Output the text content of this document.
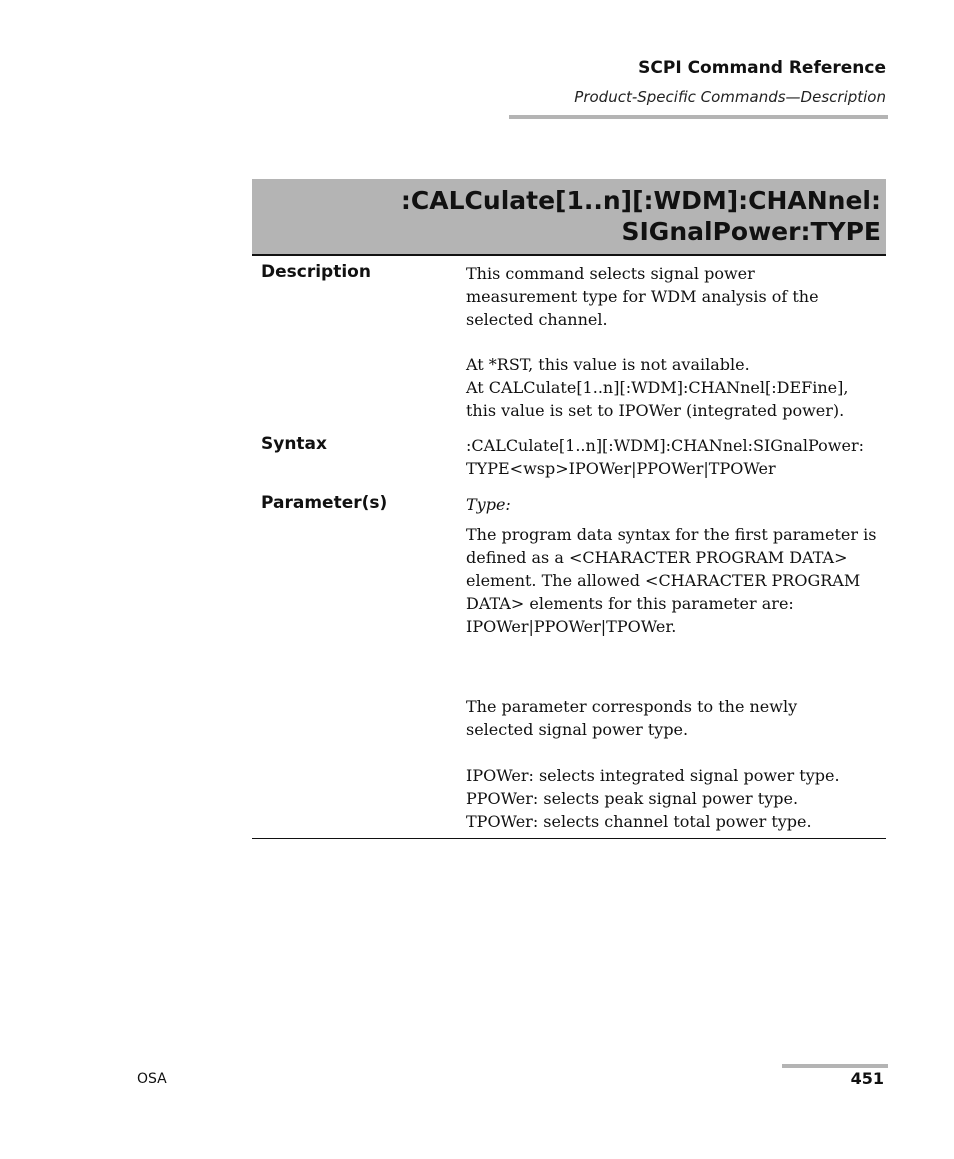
SCPI Command Reference
Product-Specific Commands—Description
:CALCulate[1..n][:WDM]:CHANnel:
SIGnalPower:TYPE
Description	This command selects signal power
measurement type for WDM analysis of the
selected channel.
At *RST, this value is not available.
At CALCulate[1..n][:WDM]:CHANnel[:DEFine],
this value is set to IPOWer (integrated power).
Syntax	:CALCulate[1..n][:WDM]:CHANnel:SIGnalPower:
TYPE<wsp>IPOWer|PPOWer|TPOWer
Parameter(s)	Type:
The program data syntax for the first parameter is
defined as a <CHARACTER PROGRAM DATA>
element. The allowed <CHARACTER PROGRAM
DATA> elements for this parameter are:
IPOWer|PPOWer|TPOWer.
The parameter corresponds to the newly
selected signal power type.
IPOWer: selects integrated signal power type.
PPOWer: selects peak signal power type.
TPOWer: selects channel total power type.
OSA	451
